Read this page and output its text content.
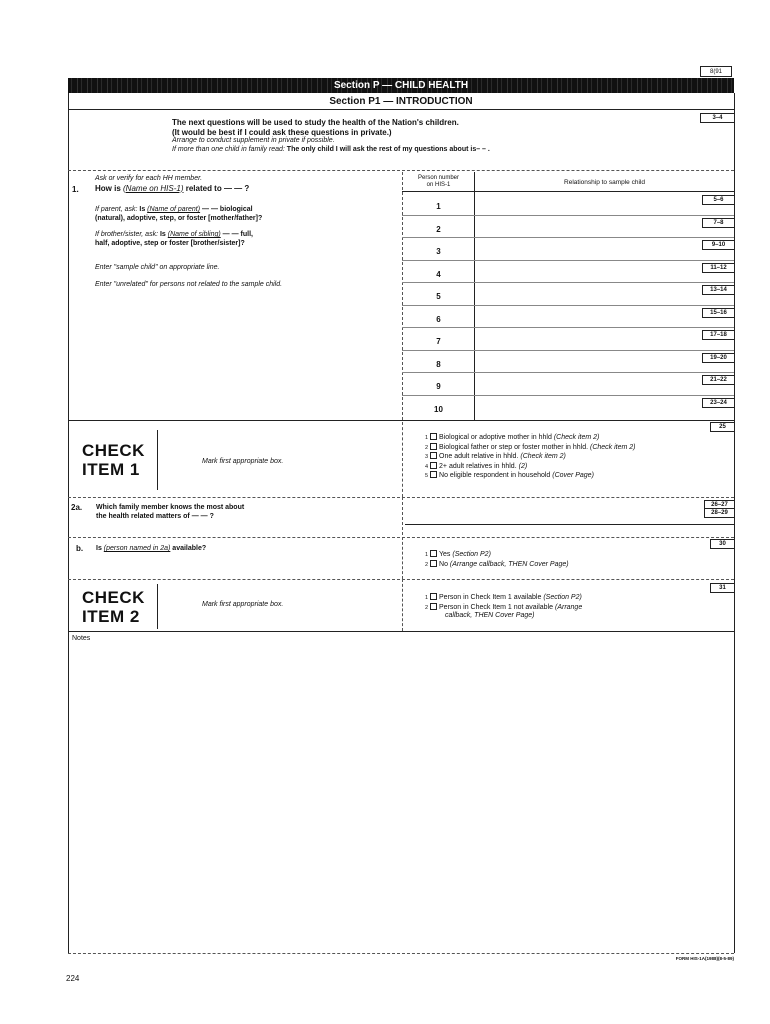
8(91
Section P — CHILD HEALTH
Section P1 — INTRODUCTION
3–4
The next questions will be used to study the health of the Nation's children.
(It would be best if I could ask these questions in private.)
Arrange to conduct supplement in private if possible.
If more than one child in family read: The only child I will ask the rest of my questions about is– – .
1.
Ask or verify for each HH member.
How is (Name on HIS-1) related to — — ?
If parent, ask: Is (Name of parent) — — biological
(natural), adoptive, step, or foster [mother/father]?
If brother/sister, ask: Is (Name of sibling) — — full,
half, adoptive, step or foster [brother/sister]?
Enter "sample child" on appropriate line.
Enter "unrelated" for persons not related to the sample child.
Person number
on HIS-1	Relationship to sample child
1
5–6
2
7–8
3
9–10
4
11–12
5
13–14
6
15–16
7
17–18
8
19–20
9
21–22
10
23–24
CHECK
ITEM 1	Mark first appropriate box.
25
1 Biological or adoptive mother in hhld (Check item 2)
2 Biological father or step or foster mother in hhld. (Check item 2)
3 One adult relative in hhld. (Check item 2)
4 2+ adult relatives in hhld. (2)
5 No eligible respondent in household (Cover Page)
2a. Which family member knows the most about
the health related matters of — — ?
26–27
28–29
b. Is (person named in 2a) available?
30
1 Yes (Section P2)
2 No (Arrange callback, THEN Cover Page)
CHECK
ITEM 2
Mark first appropriate box.
31
1 Person in Check Item 1 available (Section P2)
2 Person in Check Item 1 not available (Arrange
callback, THEN Cover Page)
Notes
FORM HIS-1A(1988)(8-5-89)
224
